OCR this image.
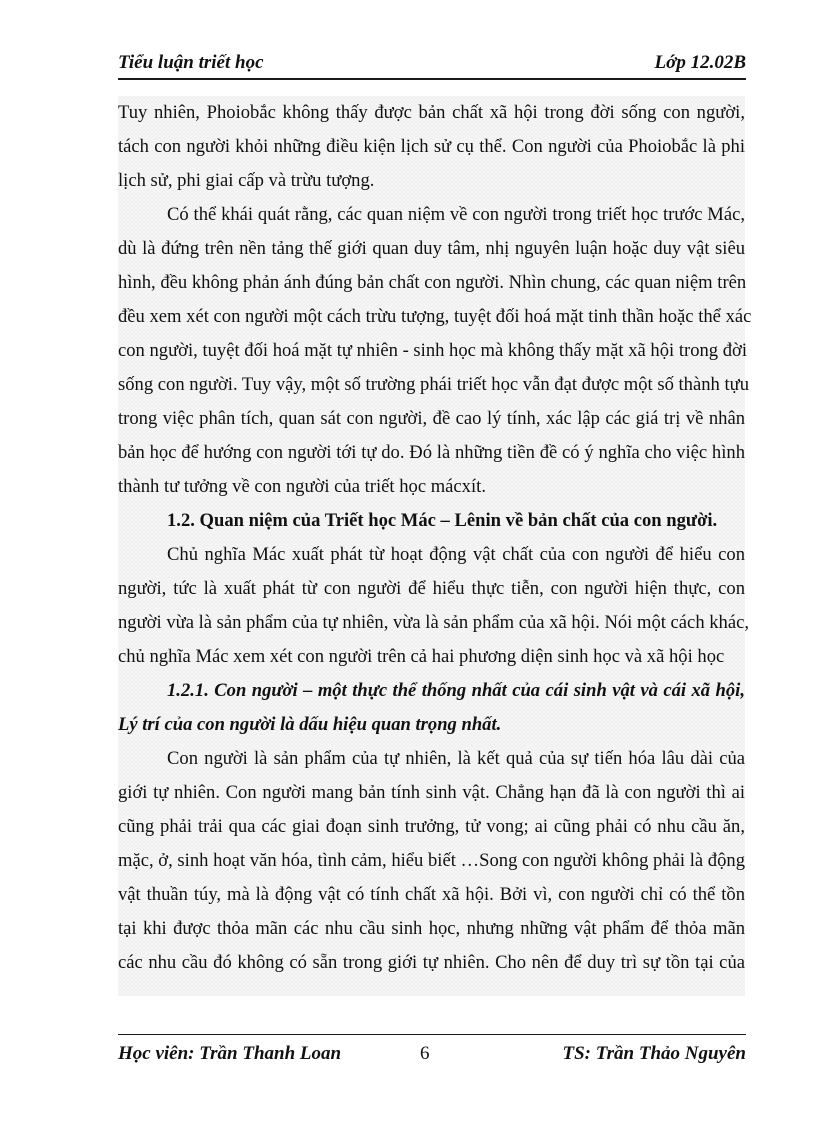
Tiểu luận triết học	Lớp 12.02B
Tuy nhiên, Phoiobắc không thấy được bản chất xã hội trong đời sống con người,
tách con người khỏi những điều kiện lịch sử cụ thể. Con người của Phoiobắc là phi
lịch sử, phi giai cấp và trừu tượng.
Có thể khái quát rằng, các quan niệm về con người trong triết học trước Mác,
dù là đứng trên nền tảng thế giới quan duy tâm, nhị nguyên luận hoặc duy vật siêu
hình, đều không phản ánh đúng bản chất con người. Nhìn chung, các quan niệm trên
đều xem xét con người một cách trừu tượng, tuyệt đối hoá mặt tinh thần hoặc thể xác
con người, tuyệt đối hoá mặt tự nhiên - sinh học mà không thấy mặt xã hội trong đời
sống con người. Tuy vậy, một số trường phái triết học vẫn đạt được một số thành tựu
trong việc phân tích, quan sát con người, đề cao lý tính, xác lập các giá trị về nhân
bản học để hướng con người tới tự do. Đó là những tiền đề có ý nghĩa cho việc hình
thành tư tưởng về con người của triết học mácxít.
1.2. Quan niệm của Triết học Mác – Lênin về bản chất của con người.
Chủ nghĩa Mác xuất phát từ hoạt động vật chất của con người để hiểu con
người, tức là xuất phát từ con người để hiểu thực tiễn, con người hiện thực, con
người vừa là sản phẩm của tự nhiên, vừa là sản phẩm của xã hội. Nói một cách khác,
chủ nghĩa Mác xem xét con người trên cả hai phương diện sinh học và xã hội học
1.2.1. Con người – một thực thể thống nhất của cái sinh vật và cái xã hội,
Lý trí của con người là dấu hiệu quan trọng nhất.
Con người là sản phẩm của tự nhiên, là kết quả của sự tiến hóa lâu dài của
giới tự nhiên. Con người mang bản tính sinh vật. Chẳng hạn đã là con người thì ai
cũng phải trải qua các giai đoạn sinh trưởng, tử vong; ai cũng phải có nhu cầu ăn,
mặc, ở, sinh hoạt văn hóa, tình cảm, hiểu biết …Song con người không phải là động
vật thuần túy, mà là động vật có tính chất xã hội. Bởi vì, con người chỉ có thể tồn
tại khi được thỏa mãn các nhu cầu sinh học, nhưng những vật phẩm để thỏa mãn
các nhu cầu đó không có sẵn trong giới tự nhiên. Cho nên để duy trì sự tồn tại của
Học viên: Trần Thanh Loan	6	TS: Trần Thảo Nguyên
